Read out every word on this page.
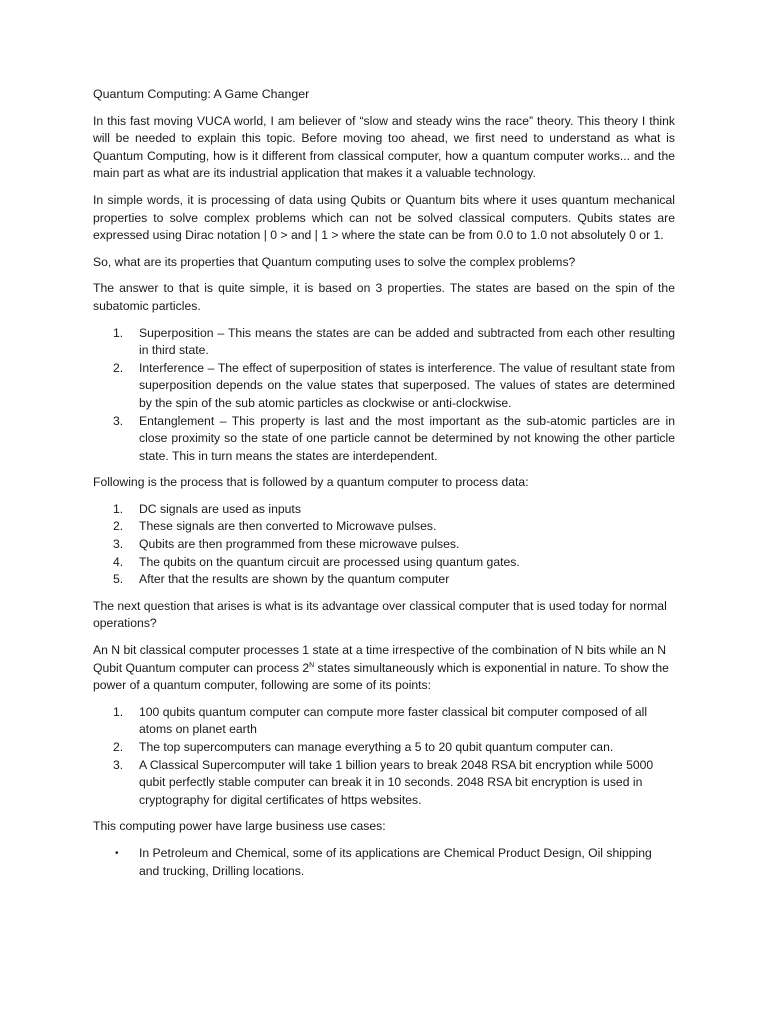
Quantum Computing: A Game Changer

In this fast moving VUCA world, I am believer of “slow and steady wins the race” theory. This theory I think will be needed to explain this topic. Before moving too ahead, we first need to understand as what is Quantum Computing, how is it different from classical computer, how a quantum computer works... and the main part as what are its industrial application that makes it a valuable technology.

In simple words, it is processing of data using Qubits or Quantum bits where it uses quantum mechanical properties to solve complex problems which can not be solved classical computers. Qubits states are expressed using Dirac notation | 0 > and | 1 > where the state can be from 0.0 to 1.0 not absolutely 0 or 1.

So, what are its properties that Quantum computing uses to solve the complex problems?

The answer to that is quite simple, it is based on 3 properties. The states are based on the spin of the subatomic particles.

1. Superposition – This means the states are can be added and subtracted from each other resulting in third state.
2. Interference – The effect of superposition of states is interference. The value of resultant state from superposition depends on the value states that superposed. The values of states are determined by the spin of the sub atomic particles as clockwise or anti-clockwise.
3. Entanglement – This property is last and the most important as the sub-atomic particles are in close proximity so the state of one particle cannot be determined by not knowing the other particle state. This in turn means the states are interdependent.

Following is the process that is followed by a quantum computer to process data:

1. DC signals are used as inputs
2. These signals are then converted to Microwave pulses.
3. Qubits are then programmed from these microwave pulses.
4. The qubits on the quantum circuit are processed using quantum gates.
5. After that the results are shown by the quantum computer

The next question that arises is what is its advantage over classical computer that is used today for normal operations?

An N bit classical computer processes 1 state at a time irrespective of the combination of N bits while an N Qubit Quantum computer can process $2^N$ states simultaneously which is exponential in nature. To show the power of a quantum computer, following are some of its points:

1. 100 qubits quantum computer can compute more faster classical bit computer composed of all atoms on planet earth
2. The top supercomputers can manage everything a 5 to 20 qubit quantum computer can.
3. A Classical Supercomputer will take 1 billion years to break 2048 RSA bit encryption while 5000 qubit perfectly stable computer can break it in 10 seconds. 2048 RSA bit encryption is used in cryptography for digital certificates of https websites.

This computing power have large business use cases:

• In Petroleum and Chemical, some of its applications are Chemical Product Design, Oil shipping and trucking, Drilling locations.
